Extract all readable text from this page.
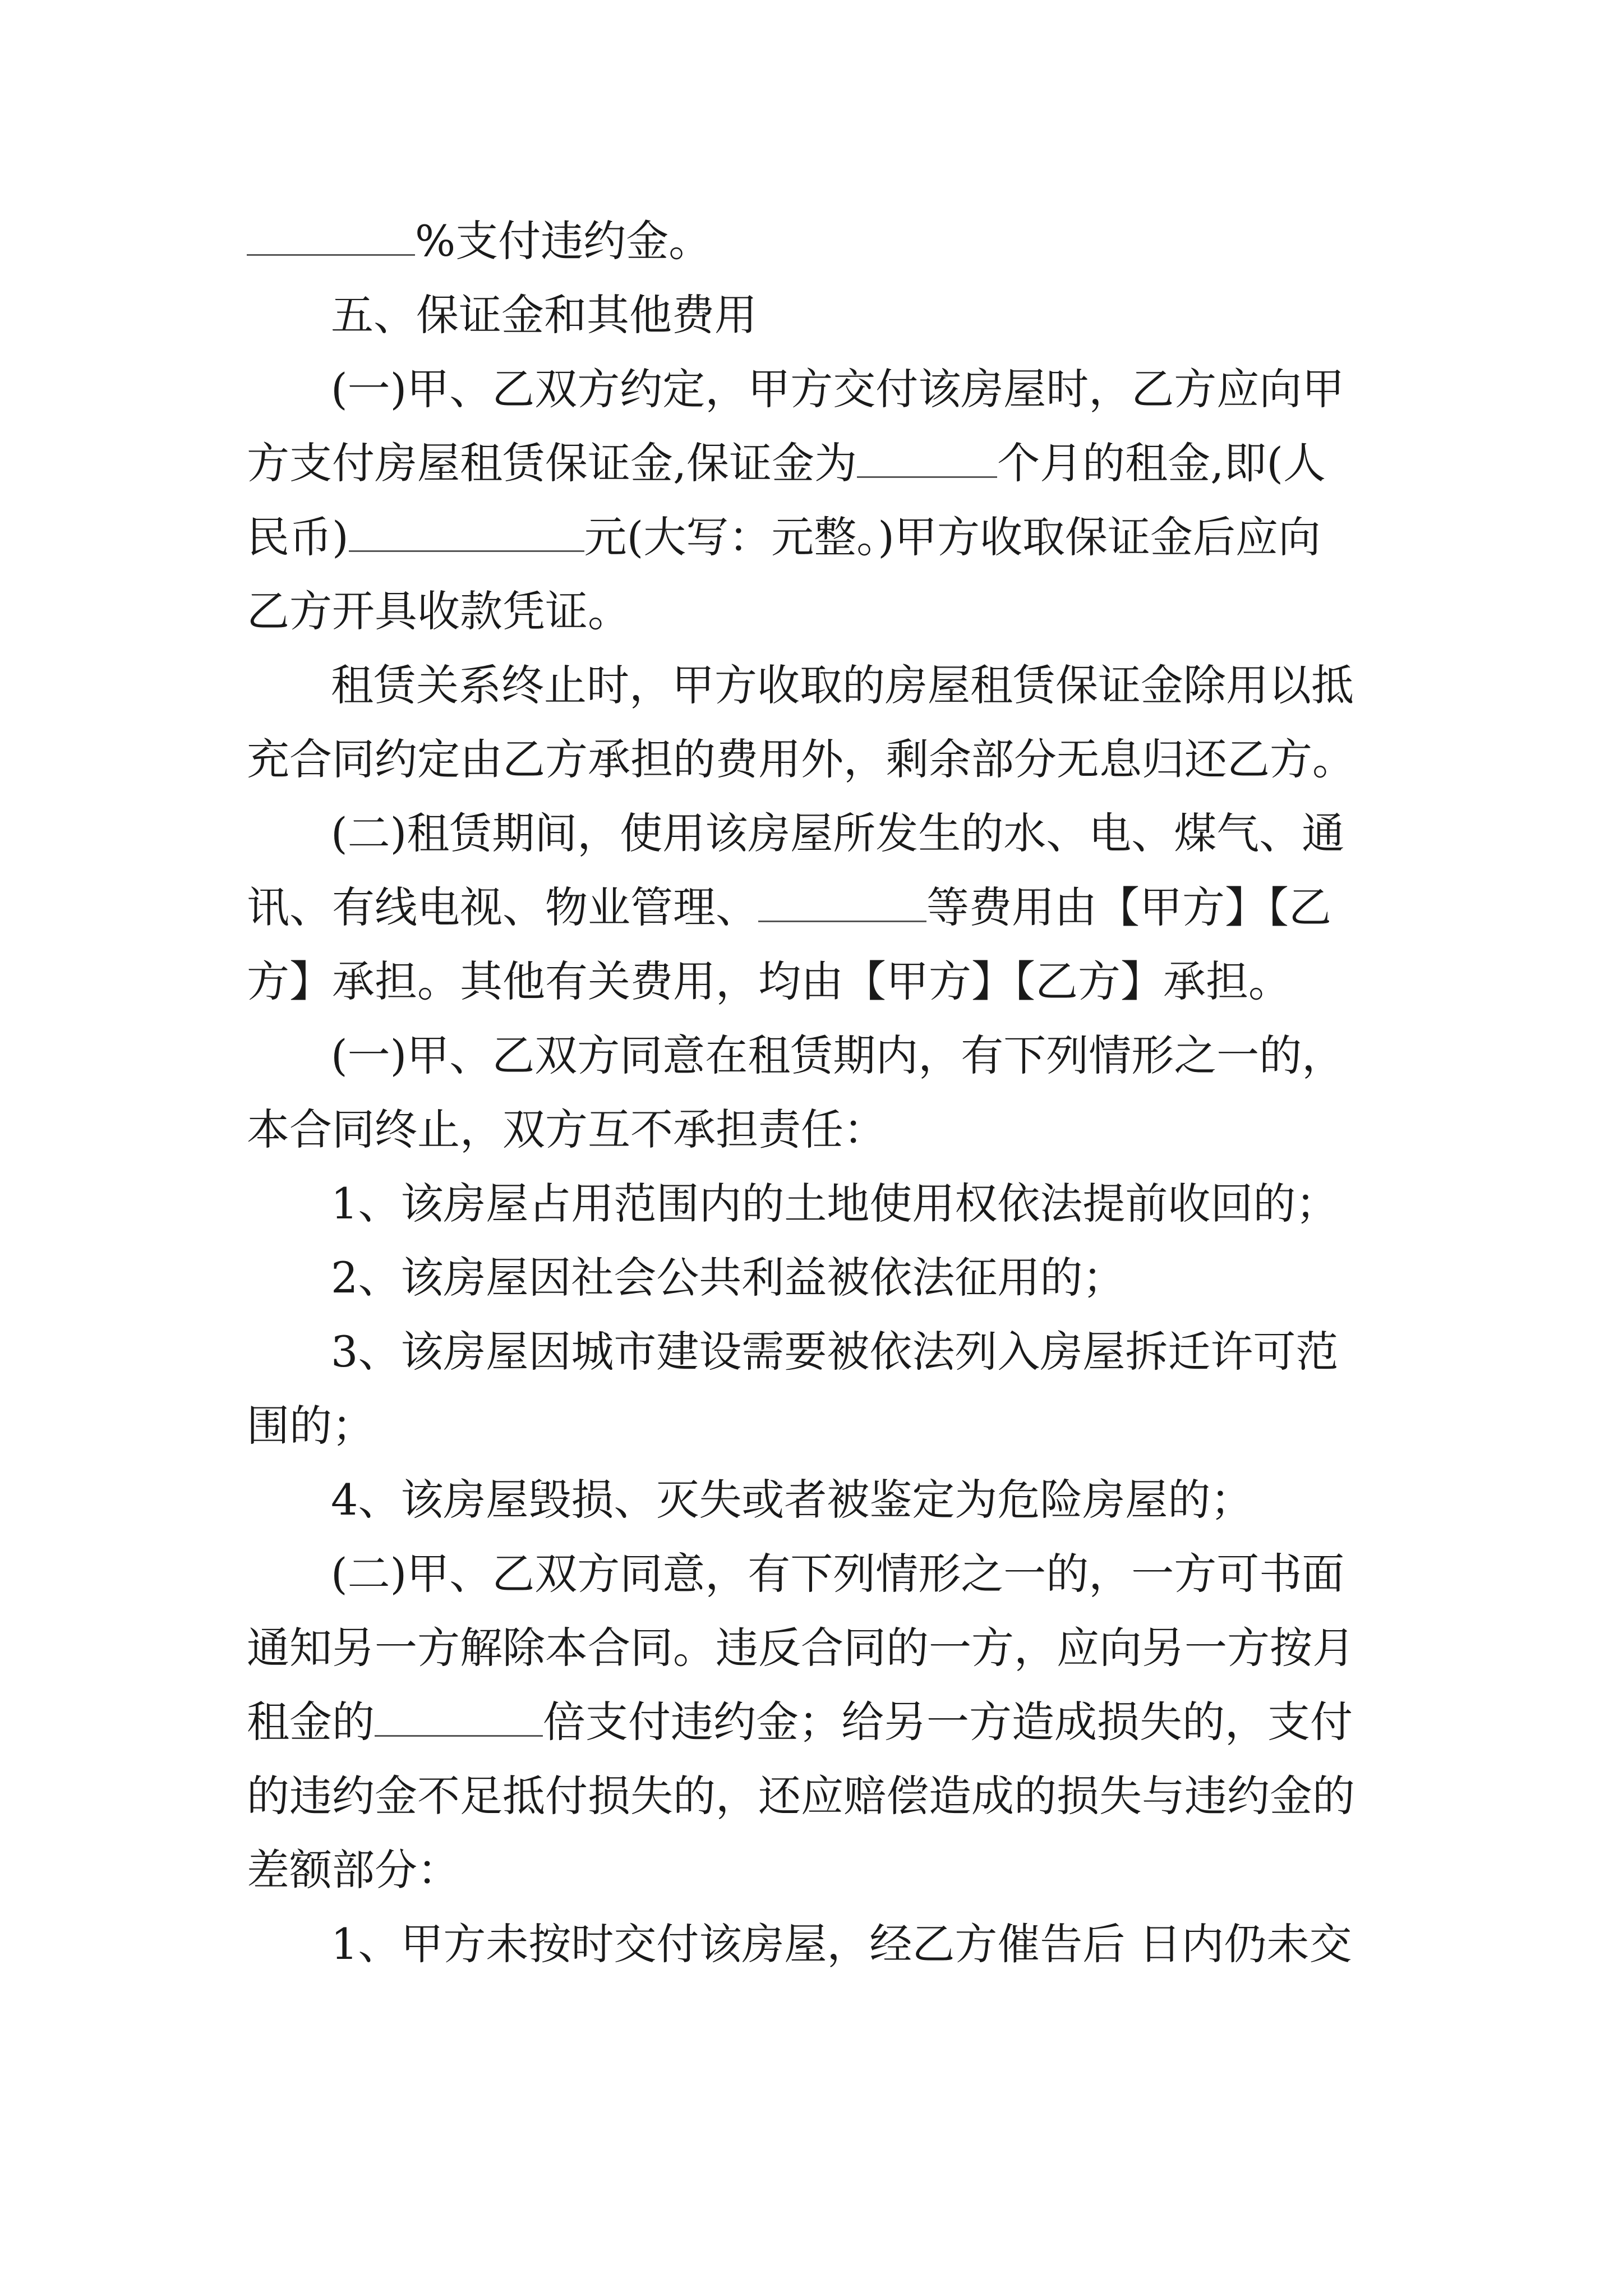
%支付违约金。
五、保证金和其他费用
(一)甲、乙双方约定，甲方交付该房屋时，乙方应向甲
方支付房屋租赁保证金,保证金为	个月的租金,即(人
民币)	元(大写：元整。)甲方收取保证金后应向
乙方开具收款凭证。
租赁关系终止时，甲方收取的房屋租赁保证金除用以抵
充合同约定由乙方承担的费用外，剩余部分无息归还乙方。
(二)租赁期间，使用该房屋所发生的水、电、煤气、通
讯、有线电视、物业管理、	等费用由【甲方】【乙
方】承担。其他有关费用，均由【甲方】【乙方】承担。
(一)甲、乙双方同意在租赁期内，有下列情形之一的，
本合同终止，双方互不承担责任：
1、该房屋占用范围内的土地使用权依法提前收回的；
2、该房屋因社会公共利益被依法征用的；
3、该房屋因城市建设需要被依法列入房屋拆迁许可范
围的；
4、该房屋毁损、灭失或者被鉴定为危险房屋的；
(二)甲、乙双方同意，有下列情形之一的，一方可书面
通知另一方解除本合同。违反合同的一方，应向另一方按月
租金的	倍支付违约金；给另一方造成损失的，支付
的违约金不足抵付损失的，还应赔偿造成的损失与违约金的
差额部分：
1、甲方未按时交付该房屋，经乙方催告后 日内仍未交
